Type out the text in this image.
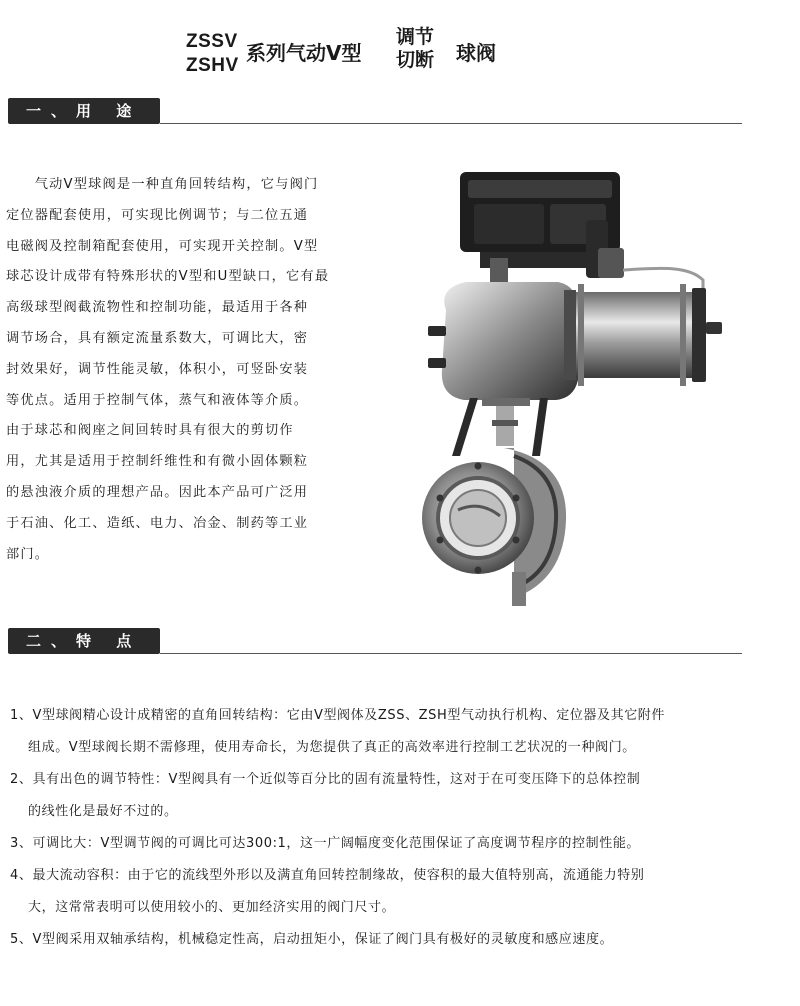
ZSSV
ZSHV
系列气动V型
调节
切断 球阀
一、用 途
　　气动V型球阀是一种直角回转结构，它与阀门
定位器配套使用，可实现比例调节；与二位五通
电磁阀及控制箱配套使用，可实现开关控制。V型
球芯设计成带有特殊形状的V型和U型缺口，它有最
高级球型阀截流物性和控制功能，最适用于各种
调节场合，具有额定流量系数大，可调比大，密
封效果好，调节性能灵敏，体积小，可竖卧安装
等优点。适用于控制气体，蒸气和液体等介质。
由于球芯和阀座之间回转时具有很大的剪切作
用，尤其是适用于控制纤维性和有微小固体颗粒
的悬浊液介质的理想产品。因此本产品可广泛用
于石油、化工、造纸、电力、冶金、制药等工业
部门。
二、特 点
1、V型球阀精心设计成精密的直角回转结构：它由V型阀体及ZSS、ZSH型气动执行机构、定位器及其它附件
组成。V型球阀长期不需修理，使用寿命长，为您提供了真正的高效率进行控制工艺状况的一种阀门。
2、具有出色的调节特性：V型阀具有一个近似等百分比的固有流量特性，这对于在可变压降下的总体控制
的线性化是最好不过的。
3、可调比大：V型调节阀的可调比可达300:1，这一广阔幅度变化范围保证了高度调节程序的控制性能。
4、最大流动容积：由于它的流线型外形以及满直角回转控制缘故，使容积的最大值特别高，流通能力特别
大，这常常表明可以使用较小的、更加经济实用的阀门尺寸。
5、V型阀采用双轴承结构，机械稳定性高，启动扭矩小，保证了阀门具有极好的灵敏度和感应速度。
